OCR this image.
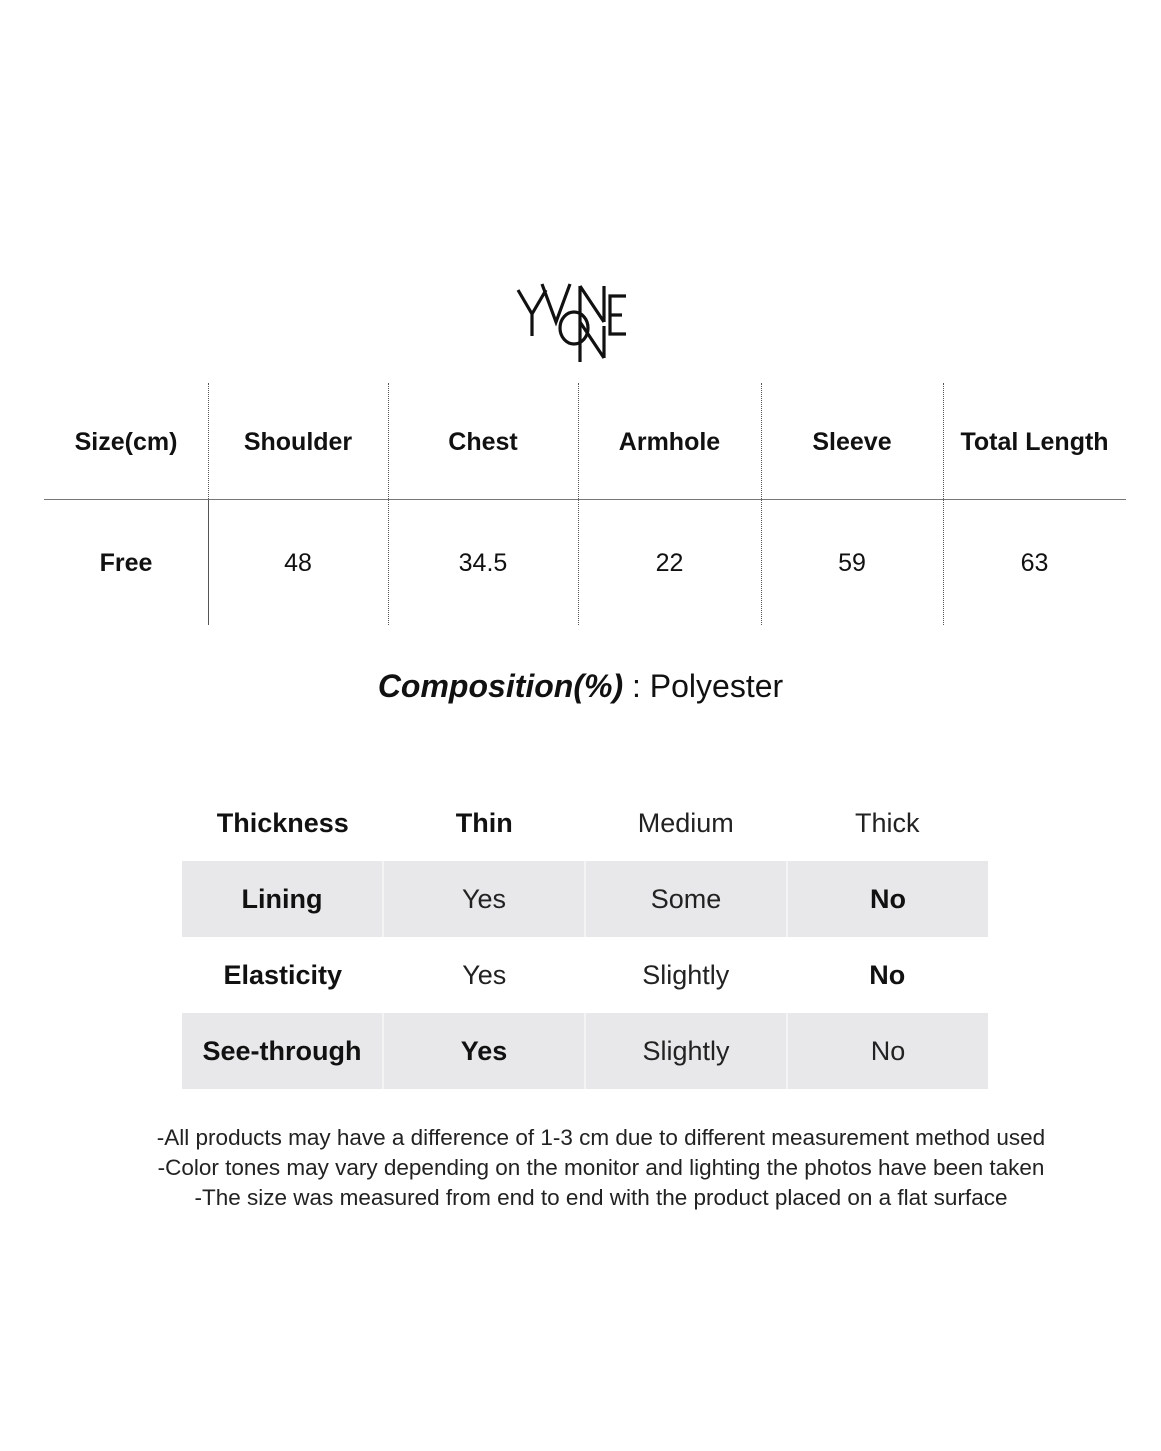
Size(cm)	Shoulder	Chest	Armhole	Sleeve	Total Length
Free	48	34.5	22	59	63
Composition(%) : Polyester
Thickness	Thin	Medium	Thick
Lining	Yes	Some	No
Elasticity	Yes	Slightly	No
See-through	Yes	Slightly	No
-All products may have a difference of 1-3 cm due to different measurement method used
-Color tones may vary depending on the monitor and lighting the photos have been taken
-The size was measured from end to end with the product placed on a flat surface
